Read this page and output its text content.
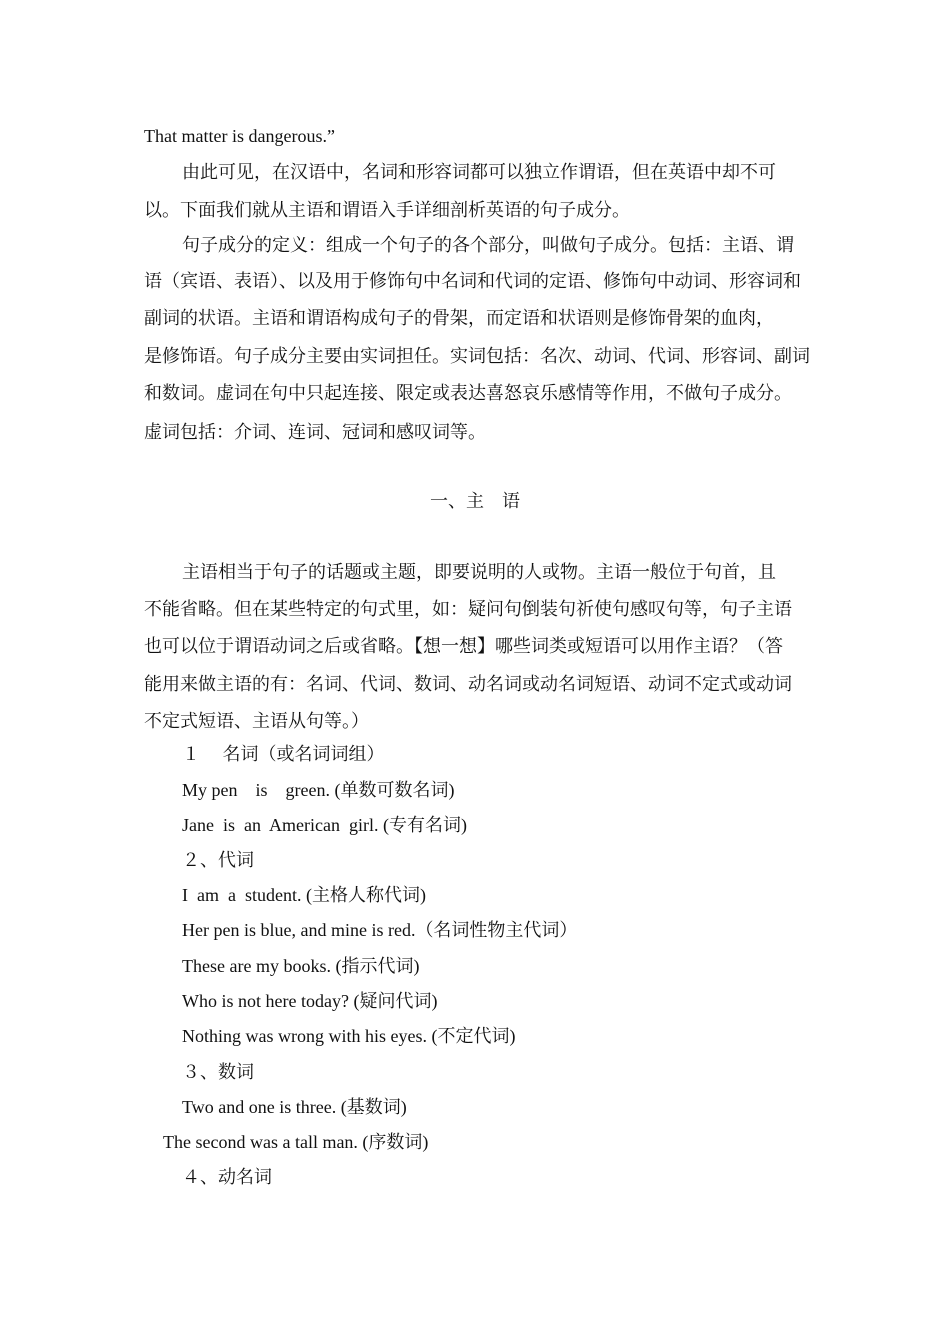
That matter is dangerous.”
由此可见，在汉语中，名词和形容词都可以独立作谓语，但在英语中却不可
以。下面我们就从主语和谓语入手详细剖析英语的句子成分。
句子成分的定义：组成一个句子的各个部分，叫做句子成分。包括：主语、谓
语（宾语、表语）、以及用于修饰句中名词和代词的定语、修饰句中动词、形容词和
副词的状语。主语和谓语构成句子的骨架，而定语和状语则是修饰骨架的血肉，
是修饰语。句子成分主要由实词担任。实词包括：名次、动词、代词、形容词、副词
和数词。虚词在句中只起连接、限定或表达喜怒哀乐感情等作用，不做句子成分。
虚词包括：介词、连词、冠词和感叹词等。
一、主　语
主语相当于句子的话题或主题，即要说明的人或物。主语一般位于句首，且
不能省略。但在某些特定的句式里，如：疑问句倒装句祈使句感叹句等，句子主语
也可以位于谓语动词之后或省略。【想一想】哪些词类或短语可以用作主语？（答
能用来做主语的有：名词、代词、数词、动名词或动名词短语、动词不定式或动词
不定式短语、主语从句等。）
１　 名词（或名词词组）
My pen    is    green. (单数可数名词)
Jane  is  an  American  girl. (专有名词)
２、代词
I  am  a  student. (主格人称代词)
Her pen is blue, and mine is red.（名词性物主代词）
These are my books. (指示代词)
Who is not here today? (疑问代词)
Nothing was wrong with his eyes. (不定代词)
３、数词
Two and one is three. (基数词)
The second was a tall man. (序数词)
４、动名词
